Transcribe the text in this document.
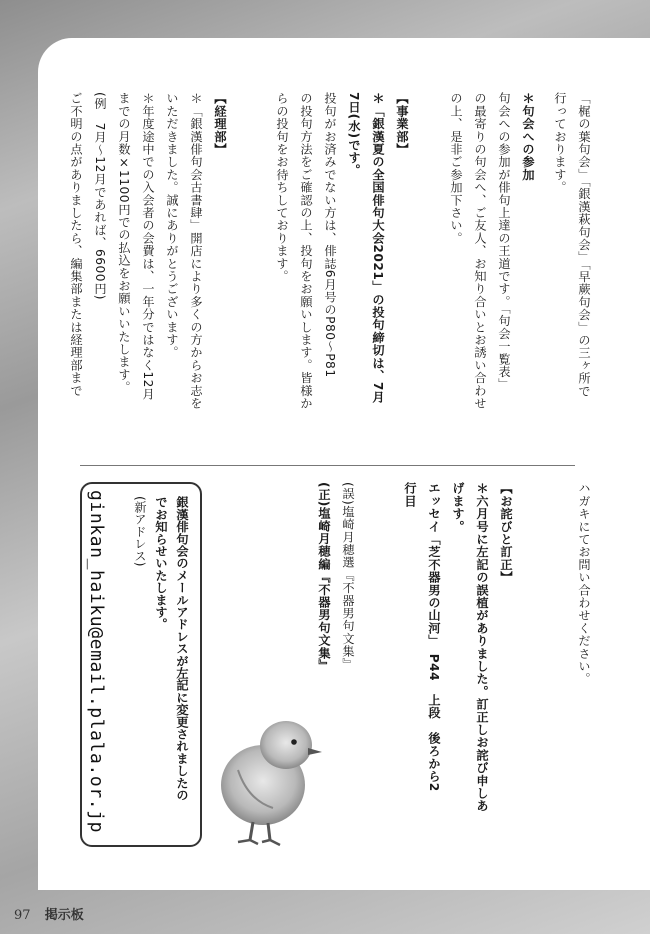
「梶の葉句会」「銀漢萩句会」「早蕨句会」の三ヶ所で
行っております。
＊句会への参加
句会への参加が俳句上達の王道です。「句会一覧表」
の最寄りの句会へ、ご友人、お知り合いとお誘い合わせ
の上、是非ご参加下さい。
【事業部】
＊「銀漢夏の全国俳句大会2021」の投句締切は、7月
7日(水)です。
投句がお済みでない方は、俳誌6月号のP80〜P81
の投句方法をご確認の上、投句をお願いします。皆様か
らの投句をお待ちしております。
【経理部】
＊「銀漢俳句会古書肆」開店により多くの方からお志を
いただきました。誠にありがとうございます。
＊年度途中での入会者の会費は、一年分ではなく12月
までの月数×1100円での払込をお願いいたします。
(例　7月〜12月であれば、6600円)
ご不明の点がありましたら、編集部または経理部まで
ハガキにてお問い合わせください。
【お詫びと訂正】
＊六月号に左記の誤植がありました。訂正しお詫び申しあ
げます。
エッセイ「芝不器男の山河」　P44　上段　後ろから2
行目
(誤)塩崎月穂選『不器男句文集』
(正)塩崎月穂編『不器男句文集』
銀漢俳句会のメールアドレスが左記に変更されましたの
でお知らせいたします。
(新アドレス)
ginkan_haiku@email.plala.or.jp
97 掲示板
